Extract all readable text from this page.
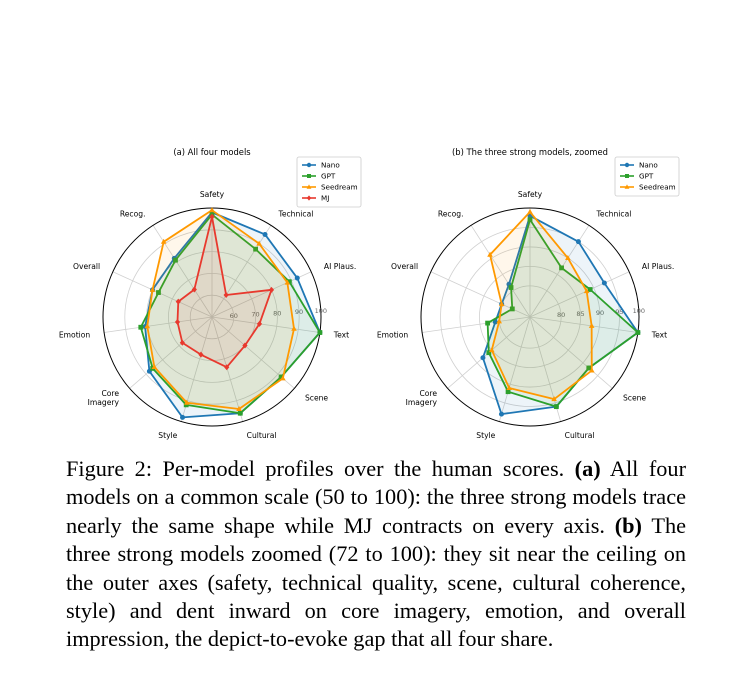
(a) All four models
60 70 80 90 100
Safety
Technical
AI Plaus.
Text
Scene
Cultural
Style
Core Imagery
Emotion
Overall
Recog.
Nano
GPT
Seedream
MJ
(b) The three strong models, zoomed
80 85 90 95 100
Safety
Technical
AI Plaus.
Text
Scene
Cultural
Style
Core Imagery
Emotion
Overall
Recog.
Nano
GPT
Seedream

Figure 2: Per-model profiles over the human scores. (a) All four models on a common scale (50 to 100): the three strong models trace nearly the same shape while MJ contracts on every axis. (b) The three strong models zoomed (72 to 100): they sit near the ceiling on the outer axes (safety, technical quality, scene, cultural coherence, style) and dent inward on core imagery, emotion, and overall impression, the depict-to-evoke gap that all four share.
